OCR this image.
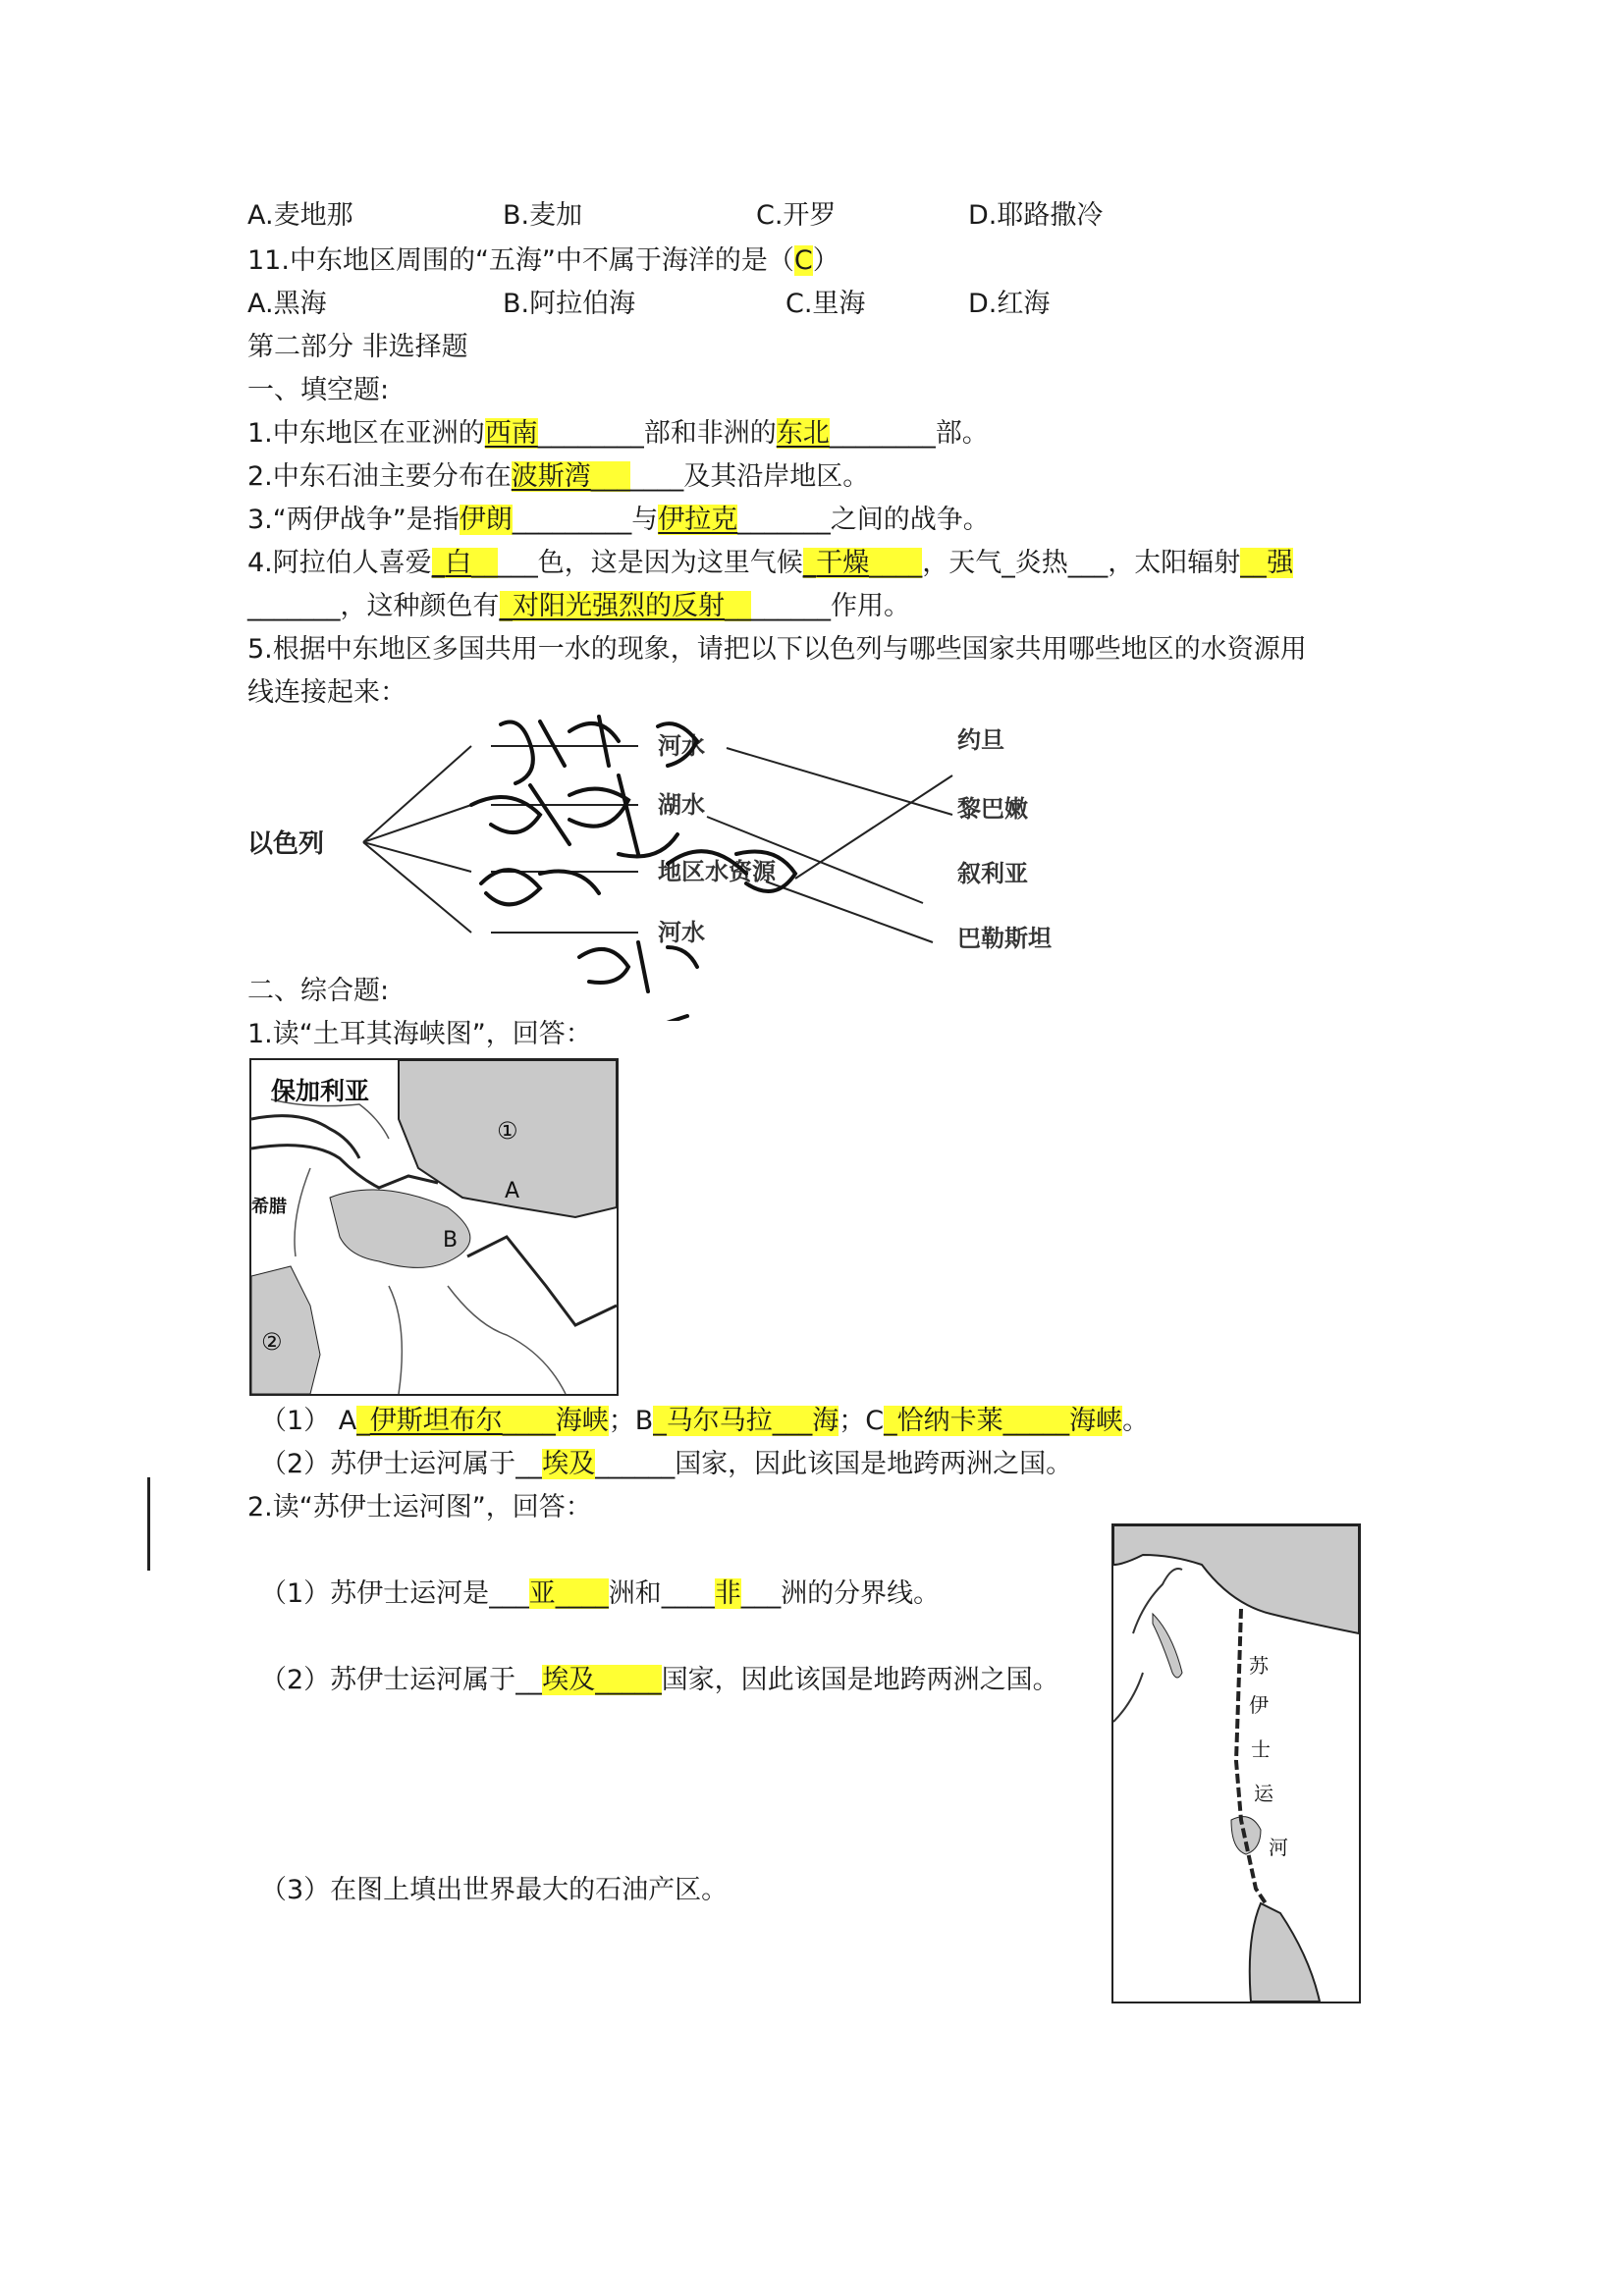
A.麦地那	B.麦加	C.开罗	D.耶路撒冷
11.中东地区周围的“五海”中不属于海洋的是（C）
A.黑海	B.阿拉伯海	C.里海	D.红海
第二部分 非选择题
一、填空题:
1.中东地区在亚洲的西南________部和非洲的东北________部。
2.中东石油主要分布在波斯湾_______及其沿岸地区。
3.“两伊战争”是指伊朗_________与伊拉克_______之间的战争。
4.阿拉伯人喜爱_白_____色，这是因为这里气候_干燥____，天气_炎热___，太阳辐射__强
_______，这种颜色有_对阳光强烈的反射________作用。
5.根据中东地区多国共用一水的现象，请把以下以色列与哪些国家共用哪些地区的水资源用
线连接起来：
以色列
河水
湖水
地区水资源
河水
约旦
黎巴嫩
叙利亚
巴勒斯坦
二、综合题:
1.读“土耳其海峡图”，回答：
保加利亚
希腊
①
②
A
B
（1） A_伊斯坦布尔____海峡；B_马尔马拉___海；C_恰纳卡莱_____海峡。
（2）苏伊士运河属于__埃及______国家，因此该国是地跨两洲之国。
2.读“苏伊士运河图”，回答：
（1）苏伊士运河是___亚____洲和____非___洲的分界线。
（2）苏伊士运河属于__埃及_____国家，因此该国是地跨两洲之国。
（3）在图上填出世界最大的石油产区。
苏
伊
士
运
河
